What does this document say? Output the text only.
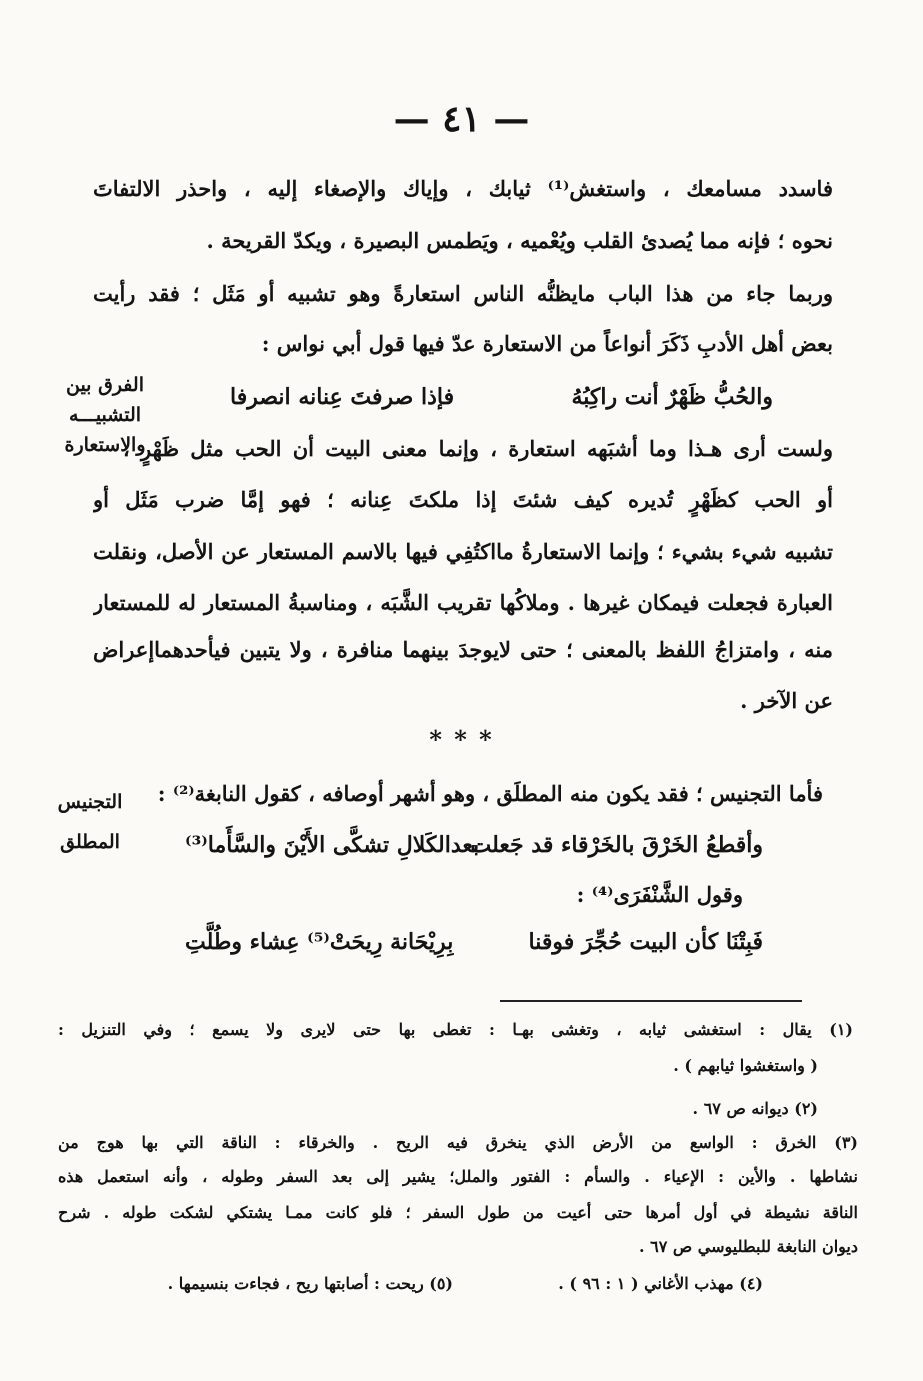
— ٤١ —
فاسدد مسامعك ، واستغش⁽¹⁾ ثيابك ، وإياك والإصغاء إليه ، واحذر الالتفاتَ
نحوه ؛ فإنه مما يُصدئ القلب ويُعْميه ، ويَطمس البصيرة ، ويكدّ القريحة .
وربما جاء من هذا الباب مايظنُّه الناس استعارةً وهو تشبيه أو مَثَل ؛ فقد رأيت
بعض أهل الأدبِ ذَكَرَ أنواعاً من الاستعارة عدّ فيها قول أبي نواس :
والحُبُّ ظَهْرٌ أنت راكِبُهُ
فإذا صرفتَ عِنانه انصرفا
الفرق بين
التشبيـــه
والاستعارة
ولست أرى هـذا وما أشبَهه استعارة ، وإنما معنى البيت أن الحب مثل ظَهْرٍ ،
أو الحب كظَهْرٍ تُديره كيف شئتَ إذا ملكتَ عِنانه ؛ فهو إمَّا ضرب مَثَل أو
تشبيه شيء بشيء ؛ وإنما الاستعارةُ مااكتُفِي فيها بالاسم المستعار عن الأصل، ونقلت
العبارة فجعلت فيمكان غيرها . وملاكُها تقريب الشَّبَه ، ومناسبةُ المستعار له للمستعار
منه ، وامتزاجُ اللفظ بالمعنى ؛ حتى لايوجدَ بينهما منافرة ، ولا يتبين فيأحدهماإعراض
عن الآخر .
* * *
فأما التجنيس ؛ فقد يكون منه المطلَق ، وهو أشهر أوصافه ، كقول النابغة⁽²⁾ :
التجنيس
المطلق	وأقطعُ الخَرْقَ بالخَرْقاء قد جَعلت
بعدالكَلالِ تشكَّى الأَيْنَ والسَّأَما⁽³⁾
وقول الشَّنْفَرَى⁽⁴⁾ :
فَبِتْنَا كأن البيت حُجِّرَ فوقنا
بِرِيْحَانة رِيحَتْ⁽⁵⁾ عِشاء وطُلَّتِ
(١) يقال : استغشى ثيابه ، وتغشى بهـا : تغطى بها حتى لايرى ولا يسمع ؛ وفي التنزيل :
( واستغشوا ثيابهم ) .
(٢) ديوانه ص ٦٧ .
(٣) الخرق : الواسع من الأرض الذي ينخرق فيه الريح . والخرقاء : الناقة التي بها هوج من
نشاطها . والأين : الإعياء . والسأم : الفتور والملل؛ يشير إلى بعد السفر وطوله ، وأنه استعمل هذه
الناقة نشيطة في أول أمرها حتى أعيت من طول السفر ؛ فلو كانت ممـا يشتكي لشكت طوله . شرح
ديوان النابغة للبطليوسي ص ٦٧ .
(٤) مهذب الأغاني ( ١ : ٩٦ ) .
(٥) ريحت : أصابتها ريح ، فجاءت بنسيمها .
